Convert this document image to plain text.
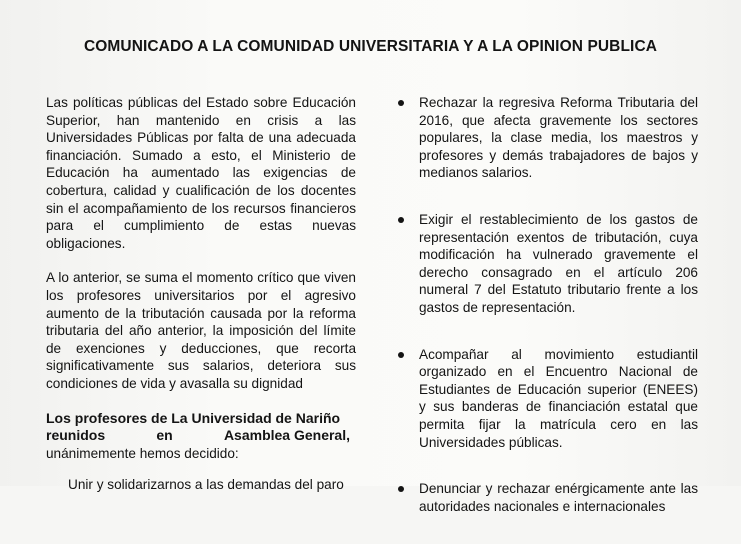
COMUNICADO A LA COMUNIDAD UNIVERSITARIA Y A LA OPINION PUBLICA

Las políticas públicas del Estado sobre Educación Superior, han mantenido en crisis a las Universidades Públicas por falta de una adecuada financiación. Sumado a esto, el Ministerio de Educación ha aumentado las exigencias de cobertura, calidad y cualificación de los docentes sin el acompañamiento de los recursos financieros para el cumplimiento de estas nuevas obligaciones.

A lo anterior, se suma el momento crítico que viven los profesores universitarios por el agresivo aumento de la tributación causada por la reforma tributaria del año anterior, la imposición del límite de exenciones y deducciones, que recorta significativamente sus salarios, deteriora sus condiciones de vida y avasalla su dignidad

Los profesores de La Universidad de Nariño
reunidos	en	Asamblea General,

unánimemente hemos decidido:

Unir y solidarizarnos a las demandas del paro

Rechazar la regresiva Reforma Tributaria del 2016, que afecta gravemente los sectores populares, la clase media, los maestros y profesores y demás trabajadores de bajos y medianos salarios.
Exigir el restablecimiento de los gastos de representación exentos de tributación, cuya modificación ha vulnerado gravemente el derecho consagrado en el artículo 206 numeral 7 del Estatuto tributario frente a los gastos de representación.
Acompañar al movimiento estudiantil organizado en el Encuentro Nacional de Estudiantes de Educación superior (ENEES) y sus banderas de financiación estatal que permita fijar la matrícula cero en las Universidades públicas.
Denunciar y rechazar enérgicamente ante las autoridades nacionales e internacionales
